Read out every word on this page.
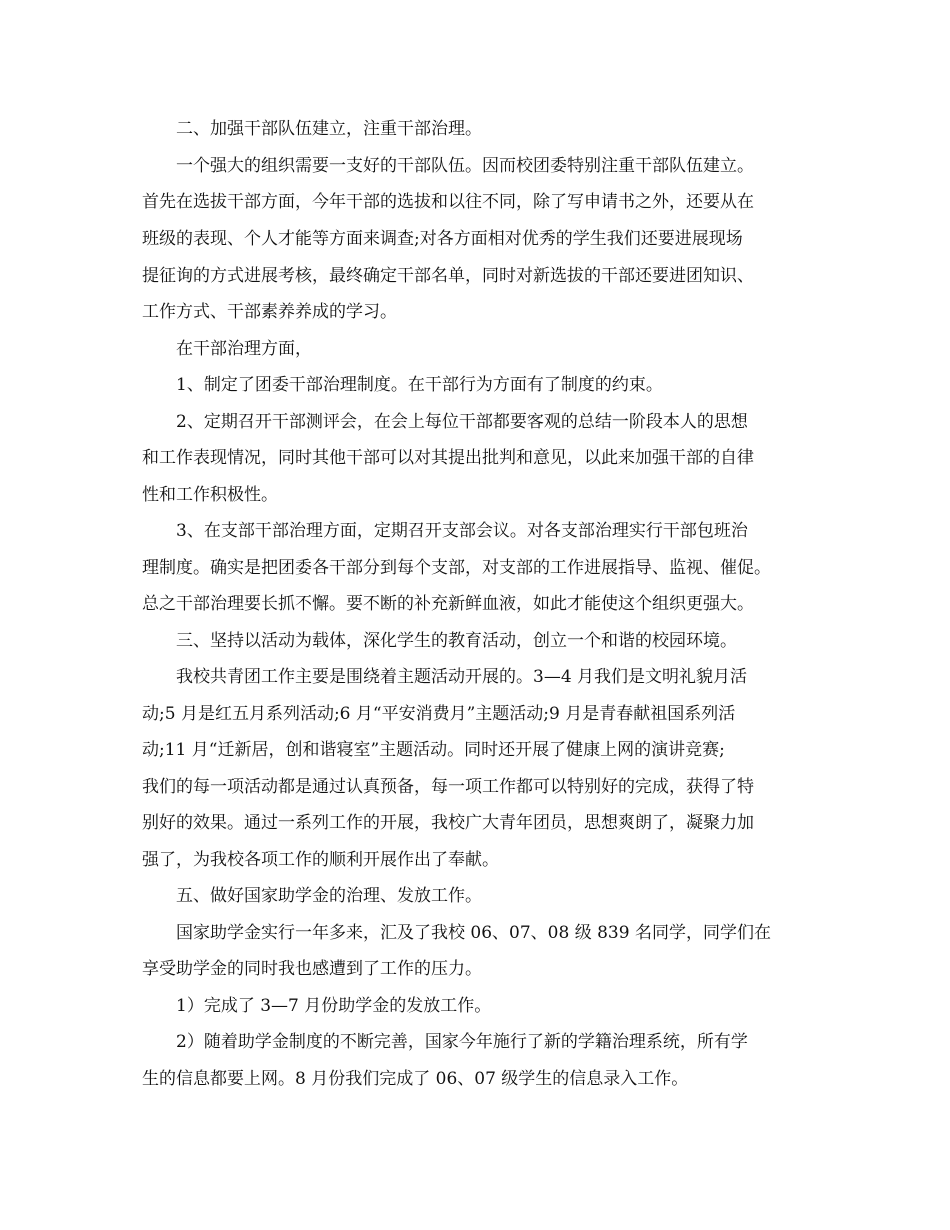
二、加强干部队伍建立，注重干部治理。
一个强大的组织需要一支好的干部队伍。因而校团委特别注重干部队伍建立。
首先在选拔干部方面，今年干部的选拔和以往不同，除了写申请书之外，还要从在
班级的表现、个人才能等方面来调查;对各方面相对优秀的学生我们还要进展现场
提征询的方式进展考核，最终确定干部名单，同时对新选拔的干部还要进团知识、
工作方式、干部素养养成的学习。
在干部治理方面，
1、制定了团委干部治理制度。在干部行为方面有了制度的约束。
2、定期召开干部测评会，在会上每位干部都要客观的总结一阶段本人的思想
和工作表现情况，同时其他干部可以对其提出批判和意见，以此来加强干部的自律
性和工作积极性。
3、在支部干部治理方面，定期召开支部会议。对各支部治理实行干部包班治
理制度。确实是把团委各干部分到每个支部，对支部的工作进展指导、监视、催促。
总之干部治理要长抓不懈。要不断的补充新鲜血液，如此才能使这个组织更强大。
三、坚持以活动为载体，深化学生的教育活动，创立一个和谐的校园环境。
我校共青团工作主要是围绕着主题活动开展的。3—4 月我们是文明礼貌月活
动;5 月是红五月系列活动;6 月“平安消费月”主题活动;9 月是青春献祖国系列活
动;11 月“迁新居，创和谐寝室”主题活动。同时还开展了健康上网的演讲竞赛;
我们的每一项活动都是通过认真预备，每一项工作都可以特别好的完成，获得了特
别好的效果。通过一系列工作的开展，我校广大青年团员，思想爽朗了，凝聚力加
强了，为我校各项工作的顺利开展作出了奉献。
五、做好国家助学金的治理、发放工作。
国家助学金实行一年多来，汇及了我校 06、07、08 级 839 名同学，同学们在
享受助学金的同时我也感遭到了工作的压力。
1）完成了 3—7 月份助学金的发放工作。
2）随着助学金制度的不断完善，国家今年施行了新的学籍治理系统，所有学
生的信息都要上网。8 月份我们完成了 06、07 级学生的信息录入工作。
